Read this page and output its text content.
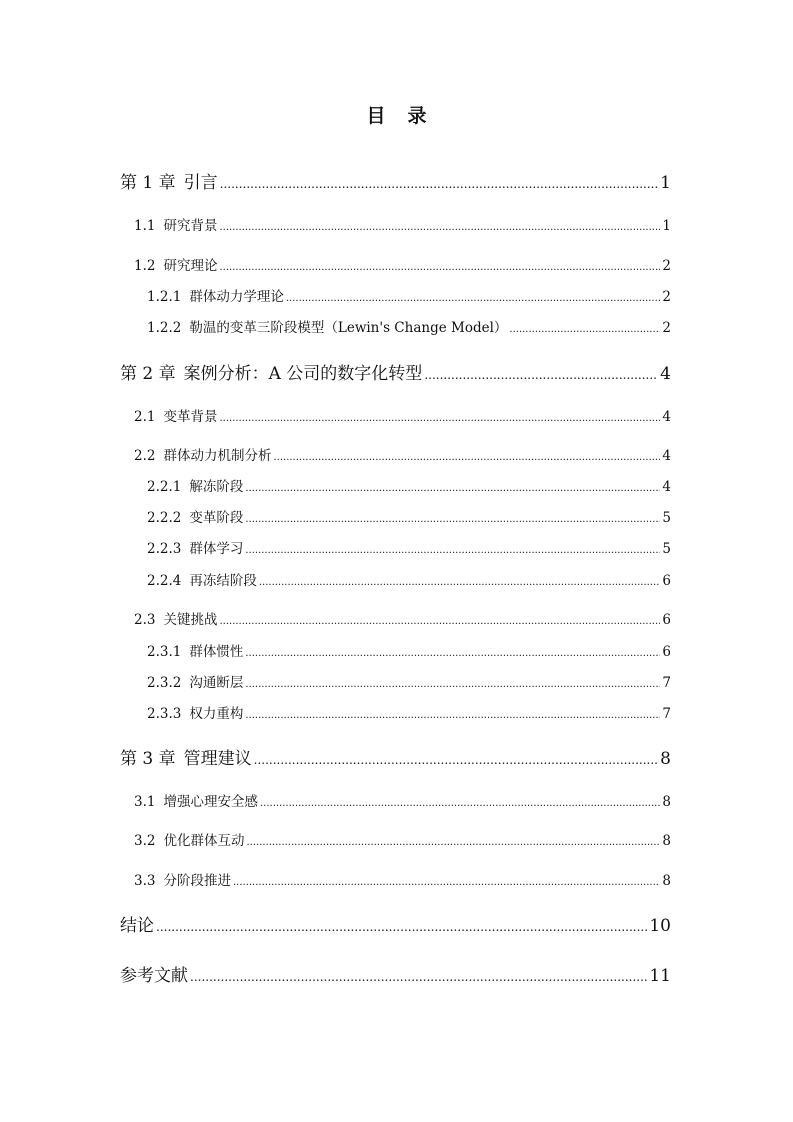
目 录
第 1 章 引言 .....	1
1.1 研究背景 .....	1
1.2 研究理论 .....	2
1.2.1 群体动力学理论 .....	2
1.2.2 勒温的变革三阶段模型（Lewin's Change Model） .....	2
第 2 章 案例分析：A 公司的数字化转型 .....	4
2.1 变革背景 .....	4
2.2 群体动力机制分析 .....	4
2.2.1 解冻阶段 .....	4
2.2.2 变革阶段 .....	5
2.2.3 群体学习 .....	5
2.2.4 再冻结阶段 .....	6
2.3 关键挑战 .....	6
2.3.1 群体惯性 .....	6
2.3.2 沟通断层 .....	7
2.3.3 权力重构 .....	7
第 3 章 管理建议 .....	8
3.1 增强心理安全感 .....	8
3.2 优化群体互动 .....	8
3.3 分阶段推进 .....	8
结论 .....	10
参考文献 .....	11
